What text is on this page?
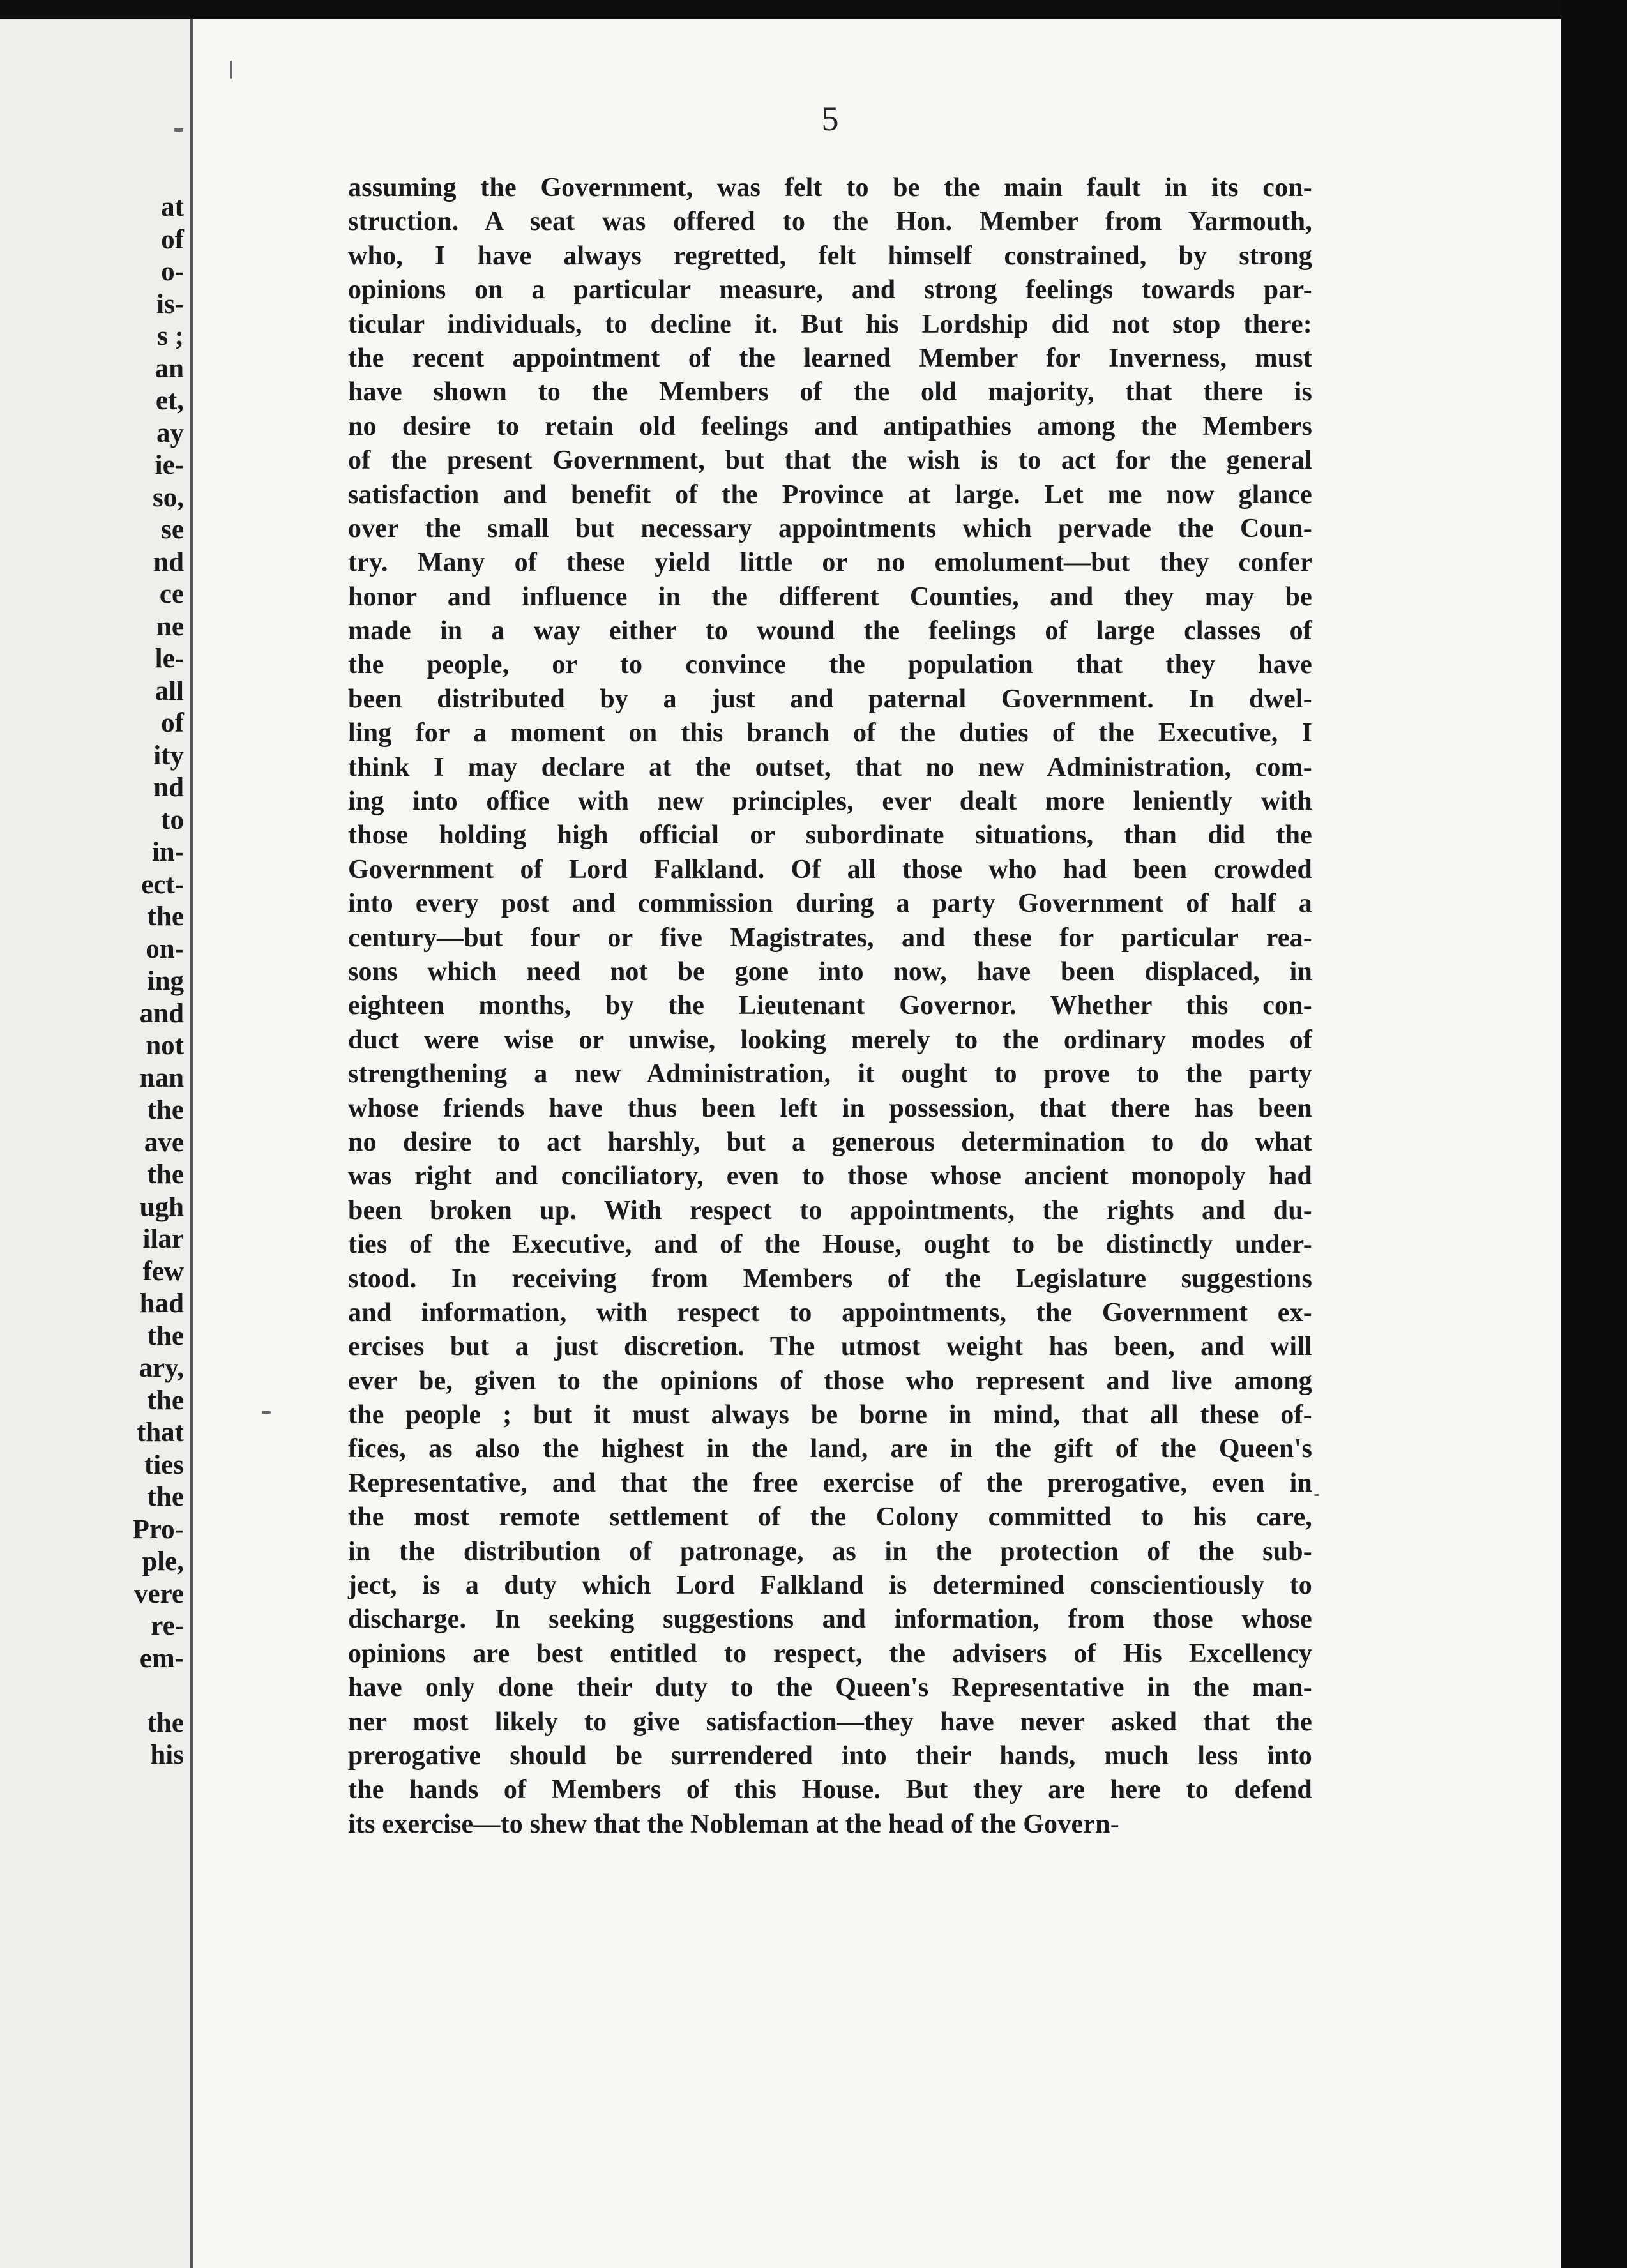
at
of
o-
is-
s ;
an
et,
ay
ie-
so,
se
nd
ce
ne
le-
all
of
ity
nd
to
in-
ect-
the
on-
ing
and
not
nan
the
ave
the
ugh
ilar
few
had
the
ary,
the
that
ties
the
Pro-
ple,
vere
re-
em-
the
his
5
assuming the Government, was felt to be the main fault in its con-
struction. A seat was offered to the Hon. Member from Yarmouth,
who, I have always regretted, felt himself constrained, by strong
opinions on a particular measure, and strong feelings towards par-
ticular individuals, to decline it. But his Lordship did not stop there:
the recent appointment of the learned Member for Inverness, must
have shown to the Members of the old majority, that there is
no desire to retain old feelings and antipathies among the Members
of the present Government, but that the wish is to act for the general
satisfaction and benefit of the Province at large. Let me now glance
over the small but necessary appointments which pervade the Coun-
try. Many of these yield little or no emolument—but they confer
honor and influence in the different Counties, and they may be
made in a way either to wound the feelings of large classes of
the people, or to convince the population that they have
been distributed by a just and paternal Government. In dwel-
ling for a moment on this branch of the duties of the Executive, I
think I may declare at the outset, that no new Administration, com-
ing into office with new principles, ever dealt more leniently with
those holding high official or subordinate situations, than did the
Government of Lord Falkland. Of all those who had been crowded
into every post and commission during a party Government of half a
century—but four or five Magistrates, and these for particular rea-
sons which need not be gone into now, have been displaced, in
eighteen months, by the Lieutenant Governor. Whether this con-
duct were wise or unwise, looking merely to the ordinary modes of
strengthening a new Administration, it ought to prove to the party
whose friends have thus been left in possession, that there has been
no desire to act harshly, but a generous determination to do what
was right and conciliatory, even to those whose ancient monopoly had
been broken up. With respect to appointments, the rights and du-
ties of the Executive, and of the House, ought to be distinctly under-
stood. In receiving from Members of the Legislature suggestions
and information, with respect to appointments, the Government ex-
ercises but a just discretion. The utmost weight has been, and will
ever be, given to the opinions of those who represent and live among
the people ; but it must always be borne in mind, that all these of-
fices, as also the highest in the land, are in the gift of the Queen's
Representative, and that the free exercise of the prerogative, even in
the most remote settlement of the Colony committed to his care,
in the distribution of patronage, as in the protection of the sub-
ject, is a duty which Lord Falkland is determined conscientiously to
discharge. In seeking suggestions and information, from those whose
opinions are best entitled to respect, the advisers of His Excellency
have only done their duty to the Queen's Representative in the man-
ner most likely to give satisfaction—they have never asked that the
prerogative should be surrendered into their hands, much less into
the hands of Members of this House. But they are here to defend
its exercise—to shew that the Nobleman at the head of the Govern-
